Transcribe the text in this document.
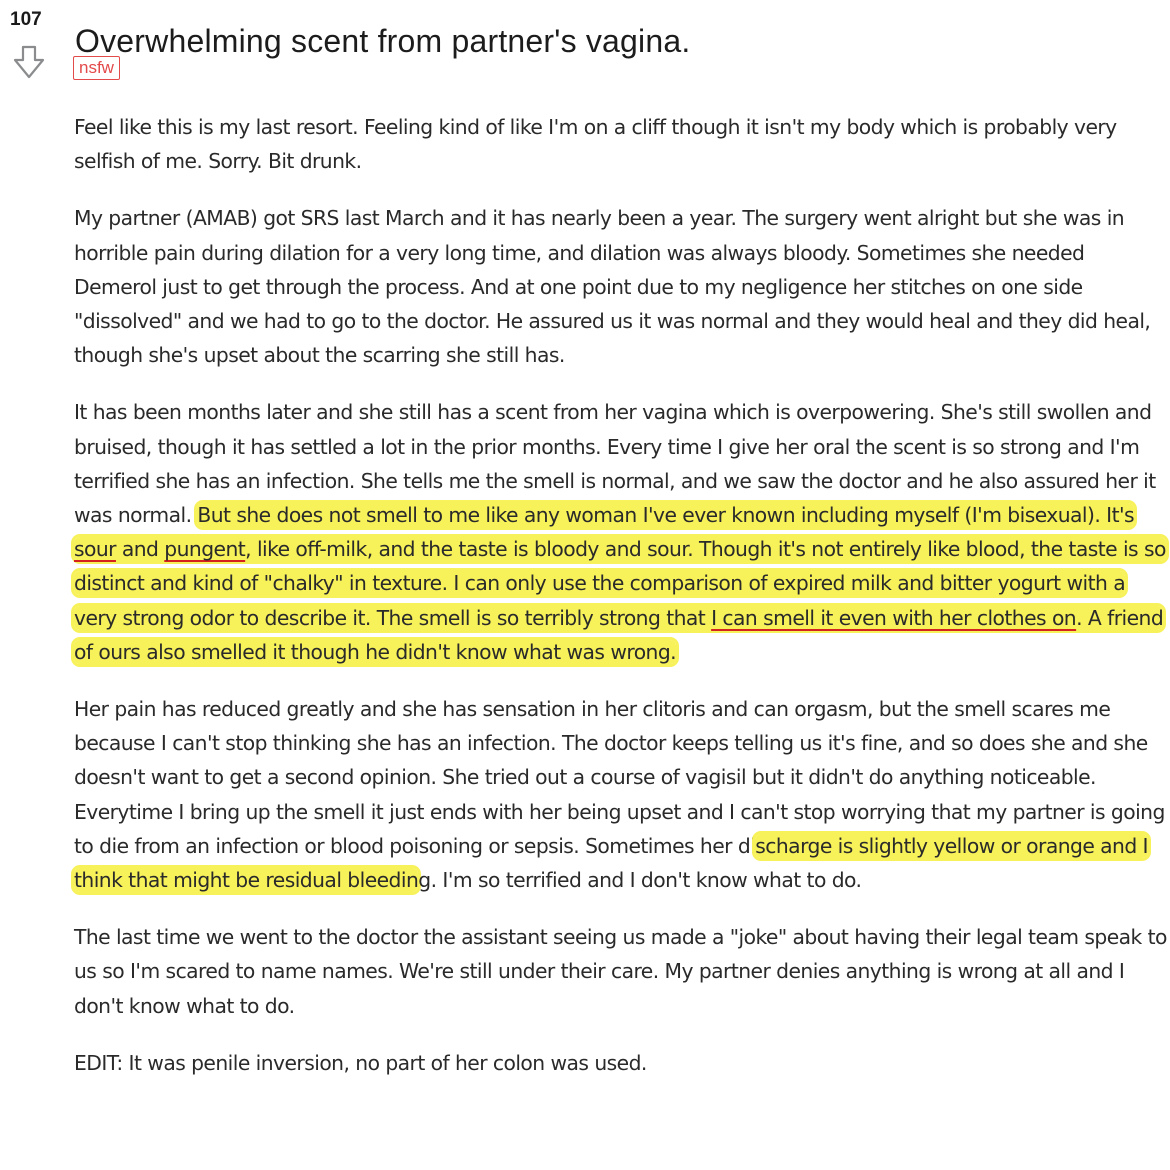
107
Overwhelming scent from partner's vagina.
nsfw

Feel like this is my last resort. Feeling kind of like I'm on a cliff though it isn't my body which is probably very selfish of me. Sorry. Bit drunk.

My partner (AMAB) got SRS last March and it has nearly been a year. The surgery went alright but she was in horrible pain during dilation for a very long time, and dilation was always bloody. Sometimes she needed Demerol just to get through the process. And at one point due to my negligence her stitches on one side "dissolved" and we had to go to the doctor. He assured us it was normal and they would heal and they did heal, though she's upset about the scarring she still has.

It has been months later and she still has a scent from her vagina which is overpowering. She's still swollen and bruised, though it has settled a lot in the prior months. Every time I give her oral the scent is so strong and I'm terrified she has an infection. She tells me the smell is normal, and we saw the doctor and he also assured her it was normal. But she does not smell to me like any woman I've ever known including myself (I'm bisexual). It's sour and pungent, like off-milk, and the taste is bloody and sour. Though it's not entirely like blood, the taste is so distinct and kind of "chalky" in texture. I can only use the comparison of expired milk and bitter yogurt with a very strong odor to describe it. The smell is so terribly strong that I can smell it even with her clothes on. A friend of ours also smelled it though he didn't know what was wrong.

Her pain has reduced greatly and she has sensation in her clitoris and can orgasm, but the smell scares me because I can't stop thinking she has an infection. The doctor keeps telling us it's fine, and so does she and she doesn't want to get a second opinion. She tried out a course of vagisil but it didn't do anything noticeable. Everytime I bring up the smell it just ends with her being upset and I can't stop worrying that my partner is going to die from an infection or blood poisoning or sepsis. Sometimes her discharge is slightly yellow or orange and I think that might be residual bleeding. I'm so terrified and I don't know what to do.

The last time we went to the doctor the assistant seeing us made a "joke" about having their legal team speak to us so I'm scared to name names. We're still under their care. My partner denies anything is wrong at all and I don't know what to do.

EDIT: It was penile inversion, no part of her colon was used.
